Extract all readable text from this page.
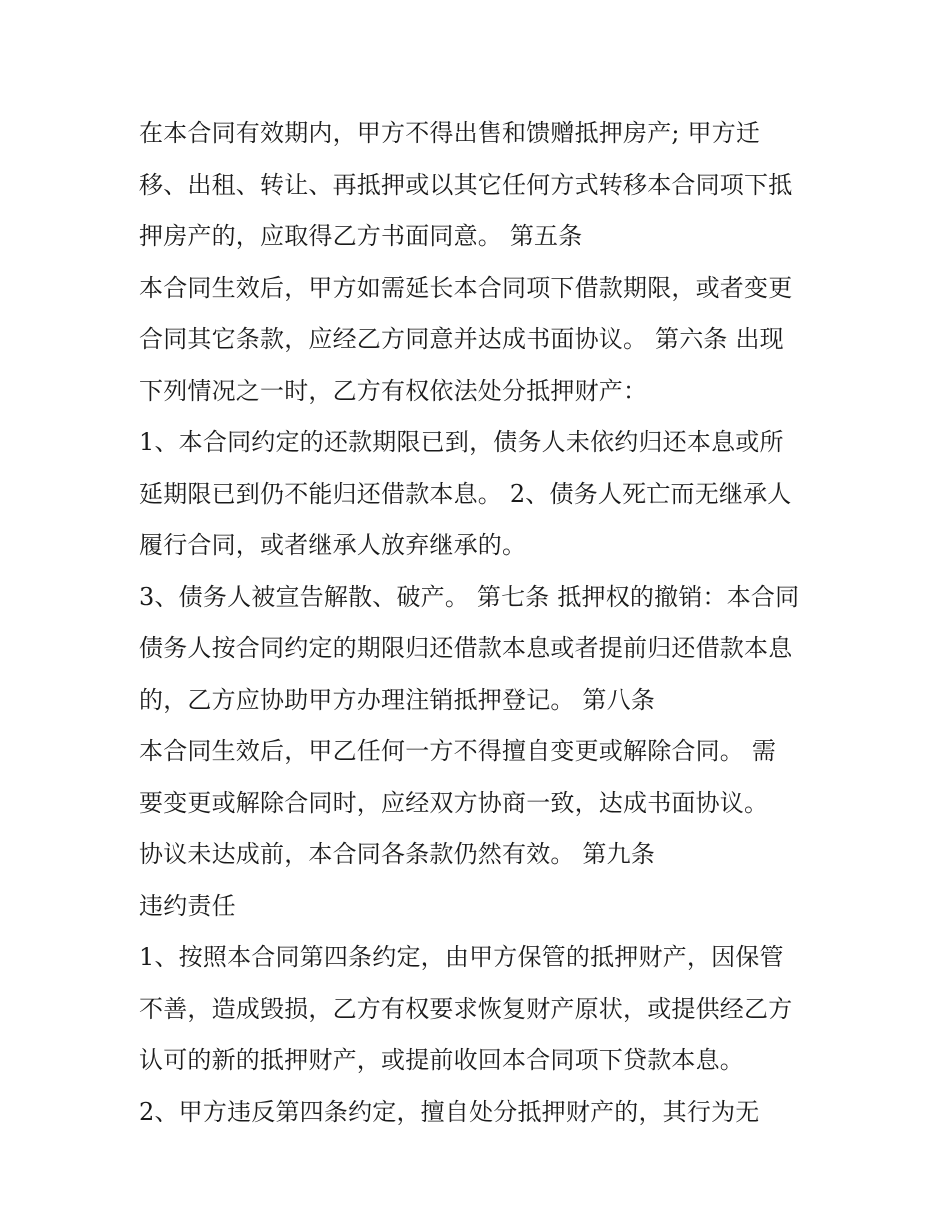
在本合同有效期内，甲方不得出售和馈赠抵押房产; 甲方迁
移、出租、转让、再抵押或以其它任何方式转移本合同项下抵
押房产的，应取得乙方书面同意。 第五条
本合同生效后，甲方如需延长本合同项下借款期限，或者变更
合同其它条款，应经乙方同意并达成书面协议。 第六条 出现
下列情况之一时，乙方有权依法处分抵押财产：
1、本合同约定的还款期限已到，债务人未依约归还本息或所
延期限已到仍不能归还借款本息。 2、债务人死亡而无继承人
履行合同，或者继承人放弃继承的。
3、债务人被宣告解散、破产。 第七条 抵押权的撤销：本合同
债务人按合同约定的期限归还借款本息或者提前归还借款本息
的，乙方应协助甲方办理注销抵押登记。 第八条
本合同生效后，甲乙任何一方不得擅自变更或解除合同。 需
要变更或解除合同时，应经双方协商一致，达成书面协议。
协议未达成前，本合同各条款仍然有效。 第九条
违约责任
1、按照本合同第四条约定，由甲方保管的抵押财产，因保管
不善，造成毁损，乙方有权要求恢复财产原状，或提供经乙方
认可的新的抵押财产，或提前收回本合同项下贷款本息。
2、甲方违反第四条约定，擅自处分抵押财产的，其行为无
